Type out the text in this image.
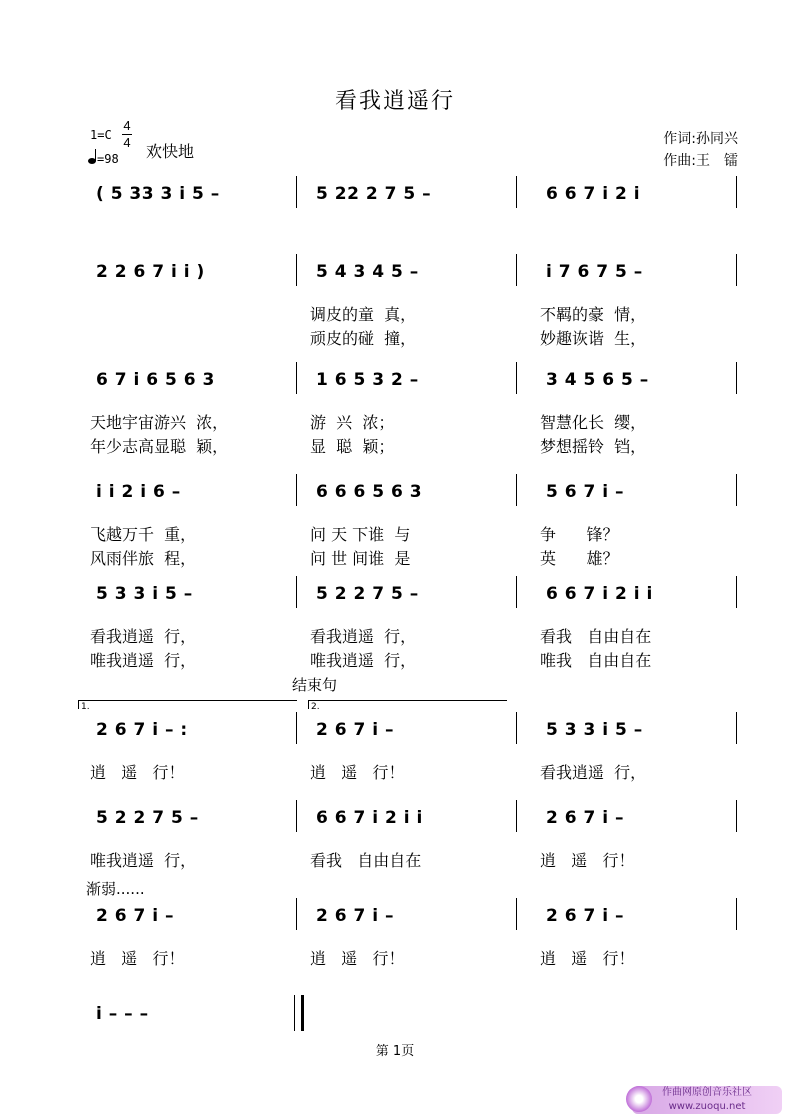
看我逍遥行
1=C
4
4
=98 欢快地
作词:孙同兴
作曲:王　镭
( 5 33 3 i 5 –	5 22 2 7 5 –	6 6 7 i 2 i
2 2 6 7 i i )	5 4 3 4 5 –	i 7 6 7 5 –
调皮的童  真，	不羁的豪  情，
顽皮的碰  撞，	妙趣诙谐  生，
6 7 i 6 5 6 3	1 6 5 3 2 –	3 4 5 6 5 –
天地宇宙游兴  浓，	游  兴  浓；	智慧化长  缨，
年少志高显聪  颖，	显  聪  颖；	梦想摇铃  铛，
i i 2 i 6 –	6 6 6 5 6 3	5 6 7 i –
飞越万千  重，	问 天 下谁  与	争      锋？
风雨伴旅  程，	问 世 间谁  是	英      雄？
5 3 3 i 5 –	5 2 2 7 5 –	6 6 7 i 2 i i
看我逍遥  行，	看我逍遥  行，	看我   自由自在
唯我逍遥  行，	唯我逍遥  行，	唯我   自由自在
2 6 7 i – :	2 6 7 i –	5 3 3 i 5 –
逍   遥   行！	逍   遥   行！	看我逍遥  行，
5 2 2 7 5 –	6 6 7 i 2 i i	2 6 7 i –
唯我逍遥  行，	看我   自由自在	逍   遥   行！
2 6 7 i –	2 6 7 i –	2 6 7 i –
逍   遥   行！	逍   遥   行！	逍   遥   行！
i – – –
结束句
1.	2.
渐弱......
第 1页
作曲网原创音乐社区
www.zuoqu.net
